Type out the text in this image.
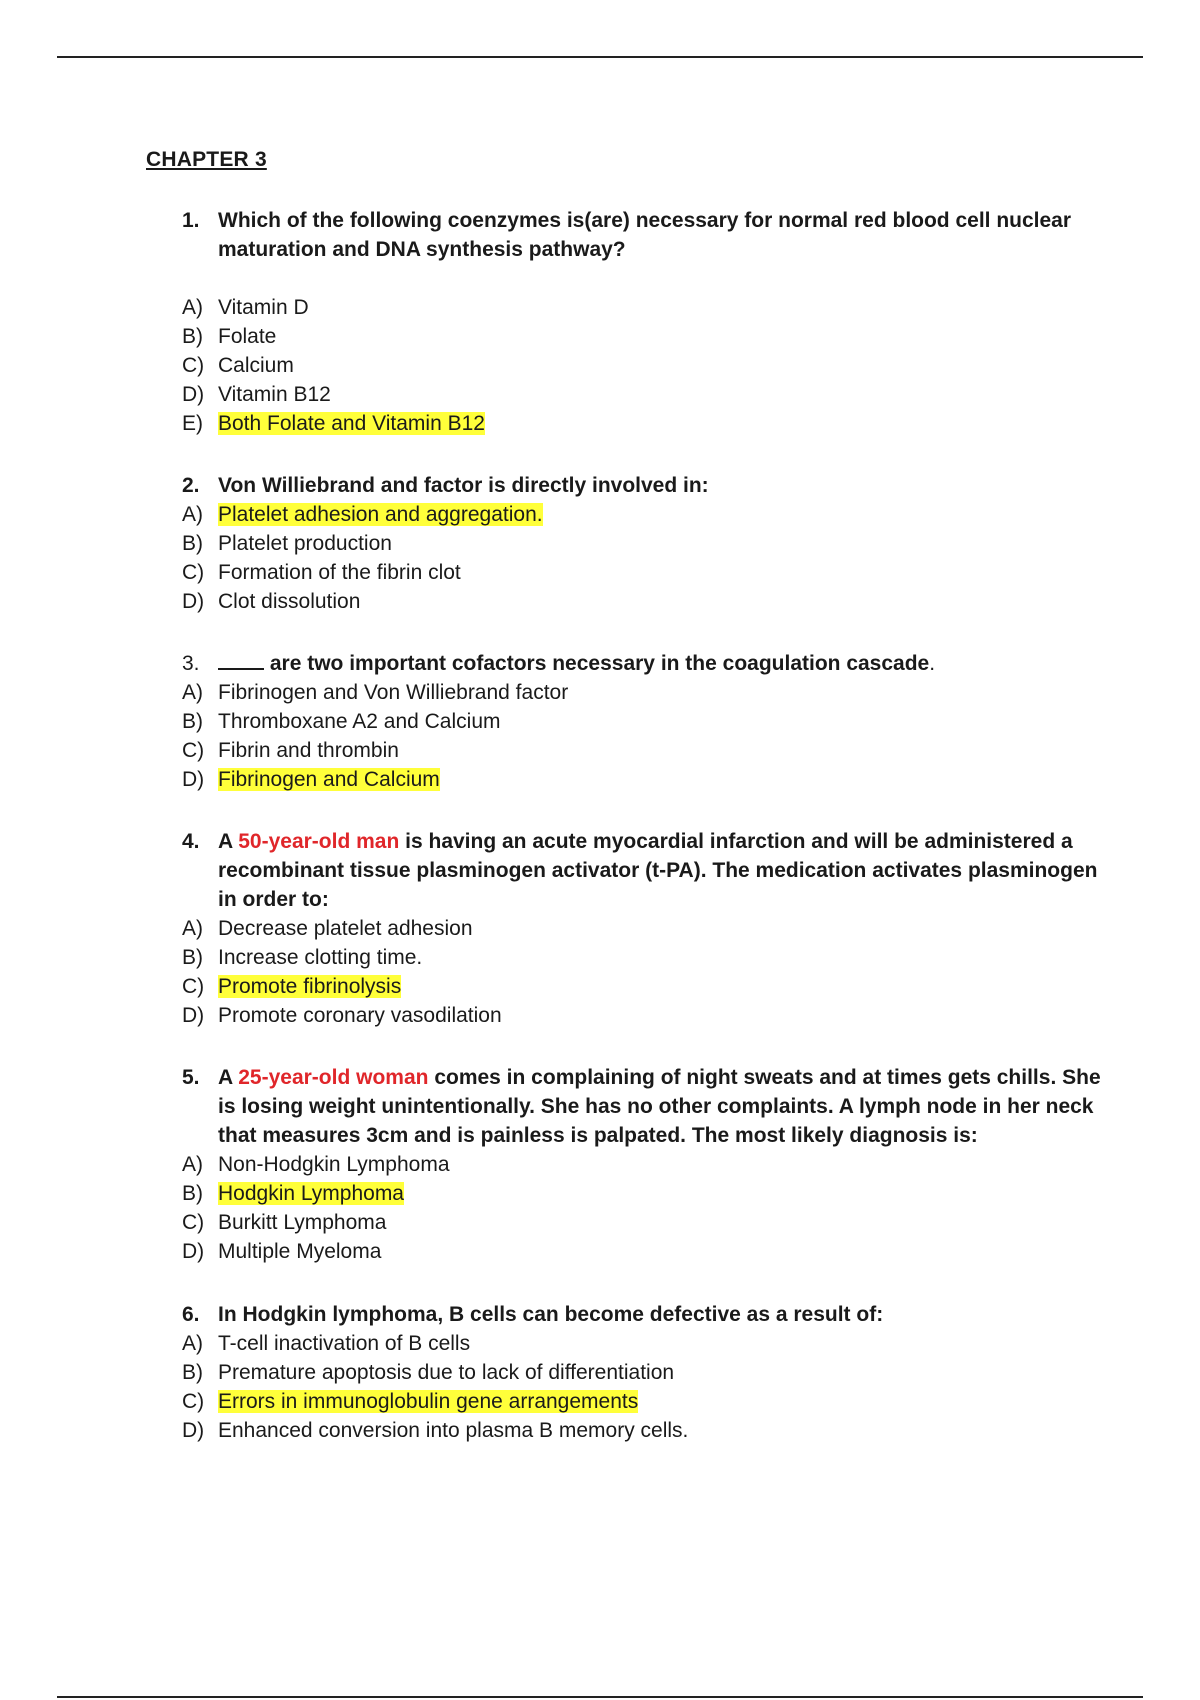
CHAPTER 3
1. Which of the following coenzymes is(are) necessary for normal red blood cell nuclear maturation and DNA synthesis pathway?
A) Vitamin D
B) Folate
C) Calcium
D) Vitamin B12
E) Both Folate and Vitamin B12
2. Von Williebrand and factor is directly involved in:
A) Platelet adhesion and aggregation.
B) Platelet production
C) Formation of the fibrin clot
D) Clot dissolution
3.	are two important cofactors necessary in the coagulation cascade.
A) Fibrinogen and Von Williebrand factor
B) Thromboxane A2 and Calcium
C) Fibrin and thrombin
D) Fibrinogen and Calcium
4. A 50-year-old man is having an acute myocardial infarction and will be administered a recombinant tissue plasminogen activator (t-PA). The medication activates plasminogen in order to:
A) Decrease platelet adhesion
B) Increase clotting time.
C) Promote fibrinolysis
D) Promote coronary vasodilation
5. A 25-year-old woman comes in complaining of night sweats and at times gets chills. She is losing weight unintentionally. She has no other complaints. A lymph node in her neck that measures 3cm and is painless is palpated. The most likely diagnosis is:
A) Non-Hodgkin Lymphoma
B) Hodgkin Lymphoma
C) Burkitt Lymphoma
D) Multiple Myeloma
6. In Hodgkin lymphoma, B cells can become defective as a result of:
A) T-cell inactivation of B cells
B) Premature apoptosis due to lack of differentiation
C) Errors in immunoglobulin gene arrangements
D) Enhanced conversion into plasma B memory cells.
